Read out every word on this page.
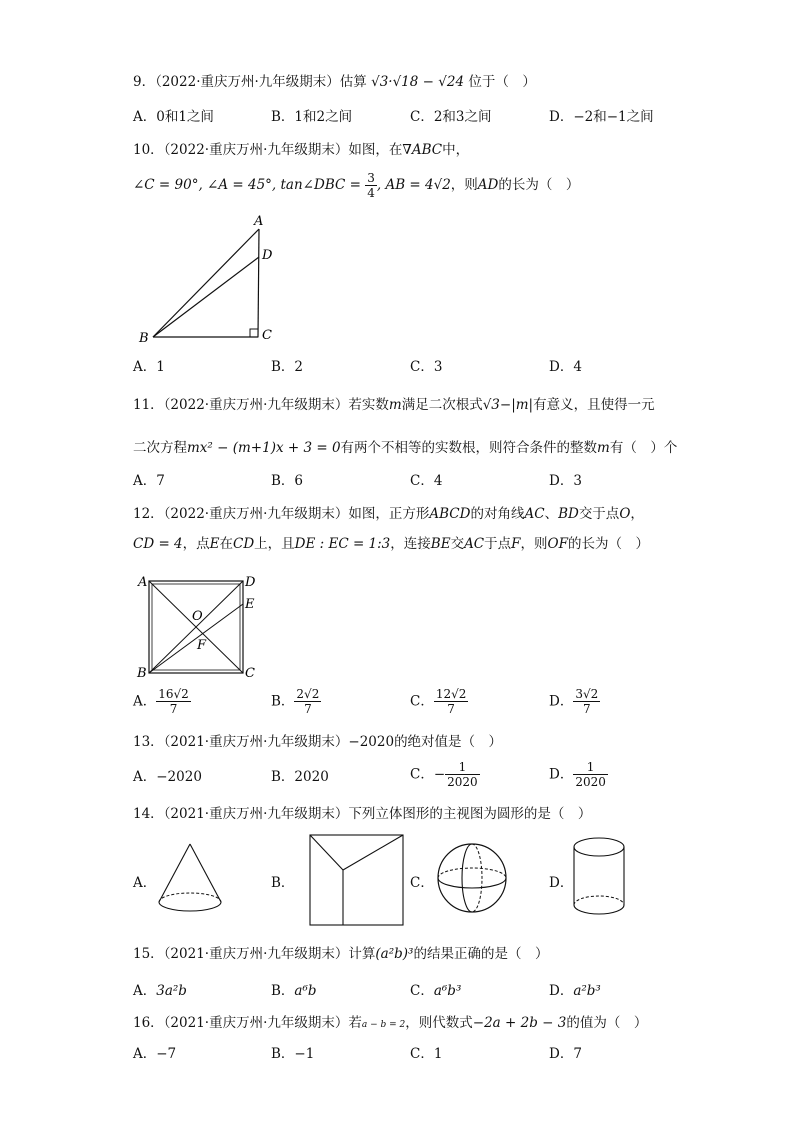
9．（2022·重庆万州·九年级期末）估算 √3·√18 − √24 位于（　）
A．0和1之间	B．1和2之间	C．2和3之间	D．−2和−1之间
10．（2022·重庆万州·九年级期末）如图，在∇ABC中，
∠C = 90°, ∠A = 45°, tan∠DBC = $\frac{3}{4}$ , AB = 4√2，则AD的长为（　）
A
D
B	C
A．1	B．2	C．3	D．4
11．（2022·重庆万州·九年级期末）若实数m满足二次根式√3−|m|有意义，且使得一元
二次方程mx² − (m+1)x + 3 = 0有两个不相等的实数根，则符合条件的整数m有（　）个
A．7	B．6	C．4	D．3
12．（2022·重庆万州·九年级期末）如图，正方形ABCD的对角线AC、BD交于点O，
CD = 4，点E在CD上，且DE : EC = 1:3，连接BE交AC于点F，则OF的长为（　）
A	D
E
O
F
B	C
A． $\frac{16√2}{7}$	B． $\frac{2√2}{7}$	C． $\frac{12√2}{7}$	D． $\frac{3√2}{7}$
13．（2021·重庆万州·九年级期末）−2020的绝对值是（　）
A．−2020	B．2020	C．− $\frac{1}{2020}$	D． $\frac{1}{2020}$
14．（2021·重庆万州·九年级期末）下列立体图形的主视图为圆形的是（　）
A．	B．	C．	D．
15．（2021·重庆万州·九年级期末）计算(a²b)³的结果正确的是（　）
A．3a²b	B．a⁶b	C．a⁶b³	D．a²b³
16．（2021·重庆万州·九年级期末）若a − b = 2，则代数式−2a + 2b − 3的值为（　）
A．−7	B．−1	C．1	D．7
